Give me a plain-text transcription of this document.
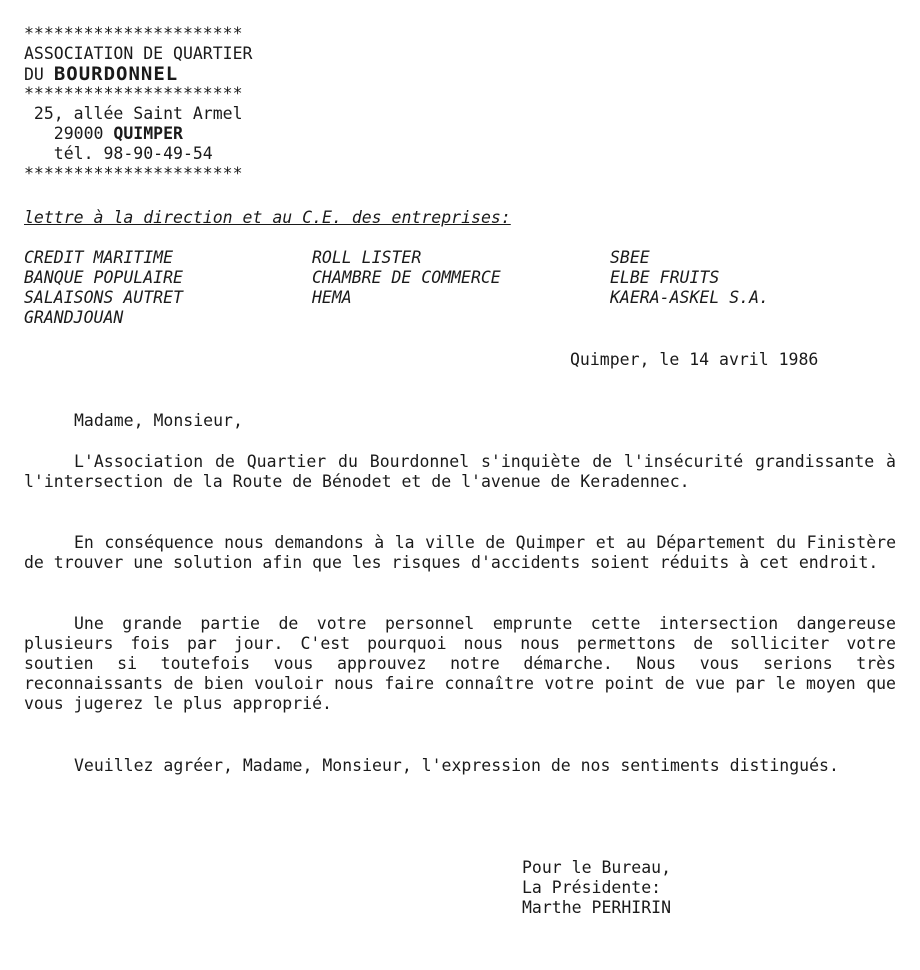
**********************
ASSOCIATION DE QUARTIER
DU BOURDONNEL
**********************
25, allée Saint Armel
29000 QUIMPER
tél. 98-90-49-54
**********************
lettre à la direction et au C.E. des entreprises:
CREDIT MARITIME
BANQUE POPULAIRE
SALAISONS AUTRET
GRANDJOUAN
ROLL LISTER
CHAMBRE DE COMMERCE
HEMA
SBEE
ELBE FRUITS
KAERA-ASKEL S.A.
Quimper, le 14 avril 1986
Madame, Monsieur,
L'Association de Quartier du Bourdonnel s'inquiète de l'insécurité grandissante à l'intersection de la Route de Bénodet et de l'avenue de Keradennec.
En conséquence nous demandons à la ville de Quimper et au Département du Finistère de trouver une solution afin que les risques d'accidents soient réduits à cet endroit.
Une grande partie de votre personnel emprunte cette intersection dangereuse plusieurs fois par jour. C'est pourquoi nous nous permettons de solliciter votre soutien si toutefois vous approuvez notre démarche. Nous vous serions très reconnaissants de bien vouloir nous faire connaître votre point de vue par le moyen que vous jugerez le plus approprié.
Veuillez agréer, Madame, Monsieur, l'expression de nos sentiments distingués.
Pour le Bureau,
La Présidente:
Marthe PERHIRIN
